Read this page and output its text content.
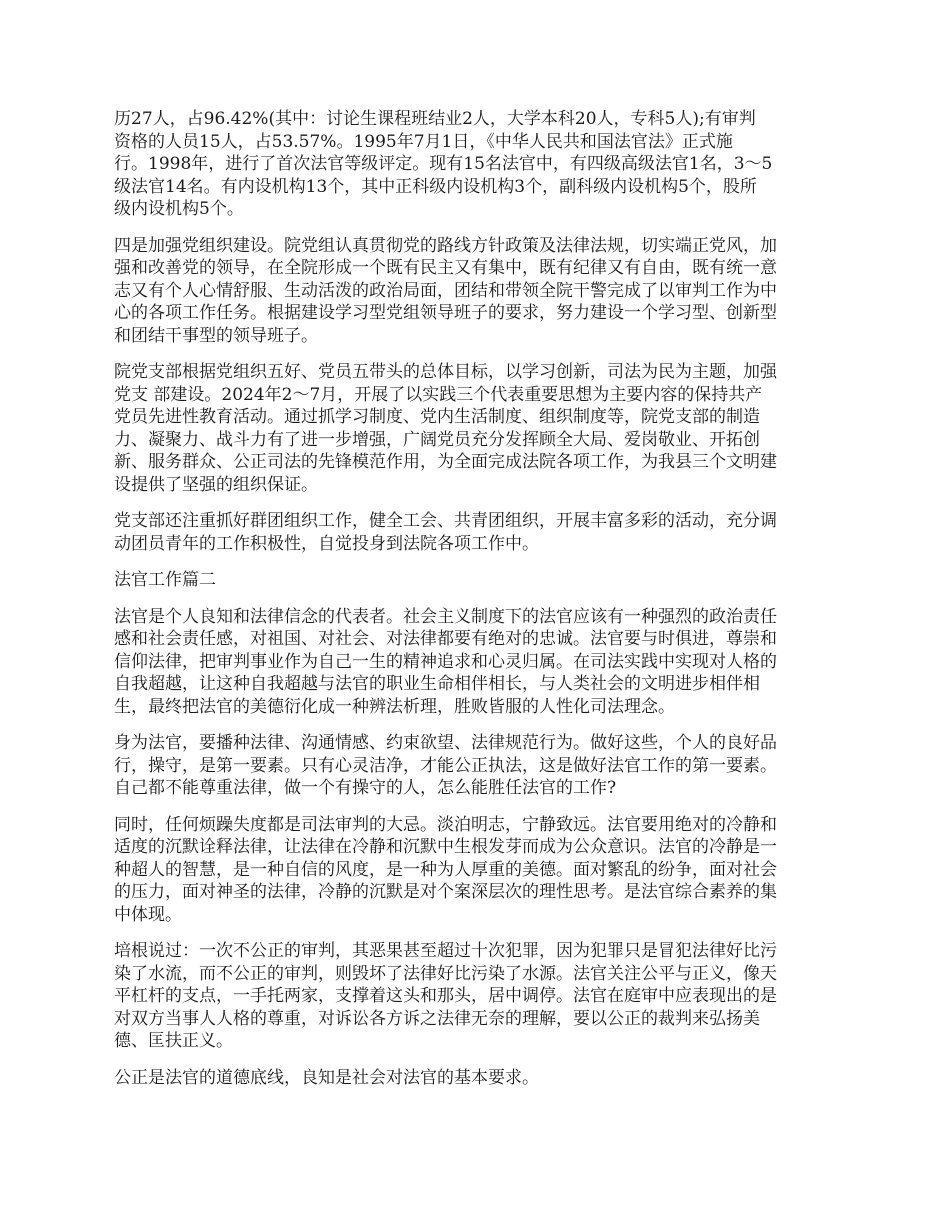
历27人，占96.42%(其中：讨论生课程班结业2人，大学本科20人，专科5人);有审判
资格的人员15人，占53.57%。1995年7月1日，《中华人民共和国法官法》正式施
行。1998年，进行了首次法官等级评定。现有15名法官中，有四级高级法官1名，3～5
级法官14名。有内设机构13个，其中正科级内设机构3个，副科级内设机构5个，股所
级内设机构5个。

四是加强党组织建设。院党组认真贯彻党的路线方针政策及法律法规，切实端正党风，加
强和改善党的领导，在全院形成一个既有民主又有集中，既有纪律又有自由，既有统一意
志又有个人心情舒服、生动活泼的政治局面，团结和带领全院干警完成了以审判工作为中
心的各项工作任务。根据建设学习型党组领导班子的要求，努力建设一个学习型、创新型
和团结干事型的领导班子。

院党支部根据党组织五好、党员五带头的总体目标，以学习创新，司法为民为主题，加强
党支 部建设。2024年2～7月，开展了以实践三个代表重要思想为主要内容的保持共产
党员先进性教育活动。通过抓学习制度、党内生活制度、组织制度等，院党支部的制造
力、凝聚力、战斗力有了进一步增强，广阔党员充分发挥顾全大局、爱岗敬业、开拓创
新、服务群众、公正司法的先锋模范作用，为全面完成法院各项工作，为我县三个文明建
设提供了坚强的组织保证。

党支部还注重抓好群团组织工作，健全工会、共青团组织，开展丰富多彩的活动，充分调
动团员青年的工作积极性，自觉投身到法院各项工作中。

法官工作篇二

法官是个人良知和法律信念的代表者。社会主义制度下的法官应该有一种强烈的政治责任
感和社会责任感，对祖国、对社会、对法律都要有绝对的忠诚。法官要与时俱进，尊崇和
信仰法律，把审判事业作为自己一生的精神追求和心灵归属。在司法实践中实现对人格的
自我超越，让这种自我超越与法官的职业生命相伴相长，与人类社会的文明进步相伴相
生，最终把法官的美德衍化成一种辨法析理，胜败皆服的人性化司法理念。

身为法官，要播种法律、沟通情感、约束欲望、法律规范行为。做好这些，个人的良好品
行，操守，是第一要素。只有心灵洁净，才能公正执法，这是做好法官工作的第一要素。
自己都不能尊重法律，做一个有操守的人，怎么能胜任法官的工作?

同时，任何烦躁失度都是司法审判的大忌。淡泊明志，宁静致远。法官要用绝对的冷静和
适度的沉默诠释法律，让法律在冷静和沉默中生根发芽而成为公众意识。法官的冷静是一
种超人的智慧，是一种自信的风度，是一种为人厚重的美德。面对繁乱的纷争，面对社会
的压力，面对神圣的法律，冷静的沉默是对个案深层次的理性思考。是法官综合素养的集
中体现。

培根说过：一次不公正的审判，其恶果甚至超过十次犯罪，因为犯罪只是冒犯法律好比污
染了水流，而不公正的审判，则毁坏了法律好比污染了水源。法官关注公平与正义，像天
平杠杆的支点，一手托两家，支撑着这头和那头，居中调停。法官在庭审中应表现出的是
对双方当事人人格的尊重，对诉讼各方诉之法律无奈的理解，要以公正的裁判来弘扬美
德、匡扶正义。

公正是法官的道德底线，良知是社会对法官的基本要求。
